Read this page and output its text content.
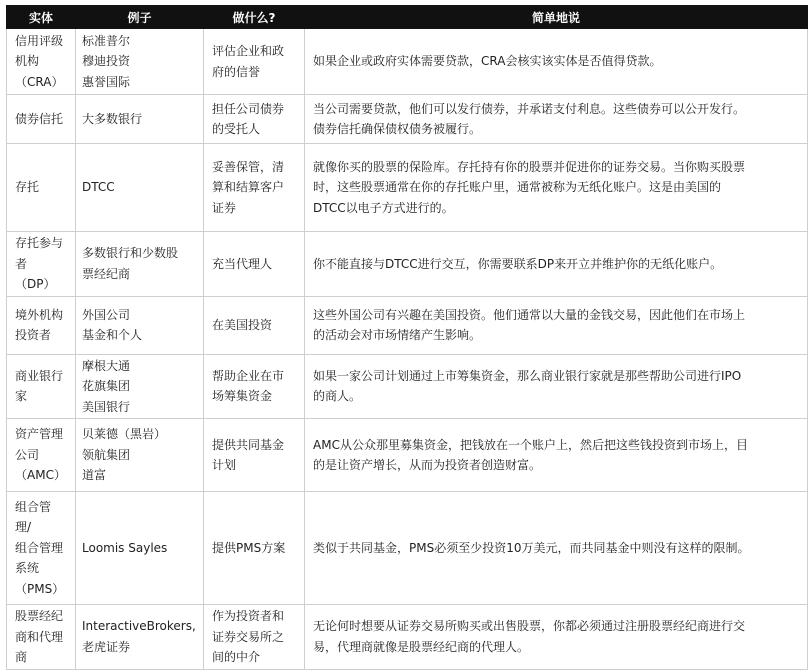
实体	例子	做什么?	简单地说

信用评级
机构
（CRA）	标准普尔
穆迪投资
惠誉国际	评估企业和政
府的信誉	如果企业或政府实体需要贷款，CRA会核实该实体是否值得贷款。

债券信托	大多数银行	担任公司债券
的受托人	当公司需要贷款，他们可以发行债券，并承诺支付利息。这些债券可以公开发行。
债券信托确保债权债务被履行。

存托	DTCC	妥善保管，清
算和结算客户
证券	就像你买的股票的保险库。存托持有你的股票并促进你的证券交易。当你购买股票
时，这些股票通常在你的存托账户里，通常被称为无纸化账户。这是由美国的
DTCC以电子方式进行的。

存托参与
者
（DP）	多数银行和少数股
票经纪商	充当代理人	你不能直接与DTCC进行交互，你需要联系DP来开立并维护你的无纸化账户。

境外机构
投资者	外国公司
基金和个人	在美国投资	这些外国公司有兴趣在美国投资。他们通常以大量的金钱交易，因此他们在市场上
的活动会对市场情绪产生影响。

商业银行
家	摩根大通
花旗集团
美国银行	帮助企业在市
场筹集资金	如果一家公司计划通过上市筹集资金，那么商业银行家就是那些帮助公司进行IPO
的商人。

资产管理
公司
（AMC）	贝莱德（黑岩）
领航集团
道富	提供共同基金
计划	AMC从公众那里募集资金，把钱放在一个账户上，然后把这些钱投资到市场上，目
的是让资产增长，从而为投资者创造财富。

组合管
理/
组合管理
系统
（PMS）	Loomis Sayles	提供PMS方案	类似于共同基金，PMS必须至少投资10万美元，而共同基金中则没有这样的限制。

股票经纪
商和代理
商	InteractiveBrokers,
老虎证券	作为投资者和
证券交易所之
间的中介	无论何时想要从证券交易所购买或出售股票，你都必须通过注册股票经纪商进行交
易，代理商就像是股票经纪商的代理人。
